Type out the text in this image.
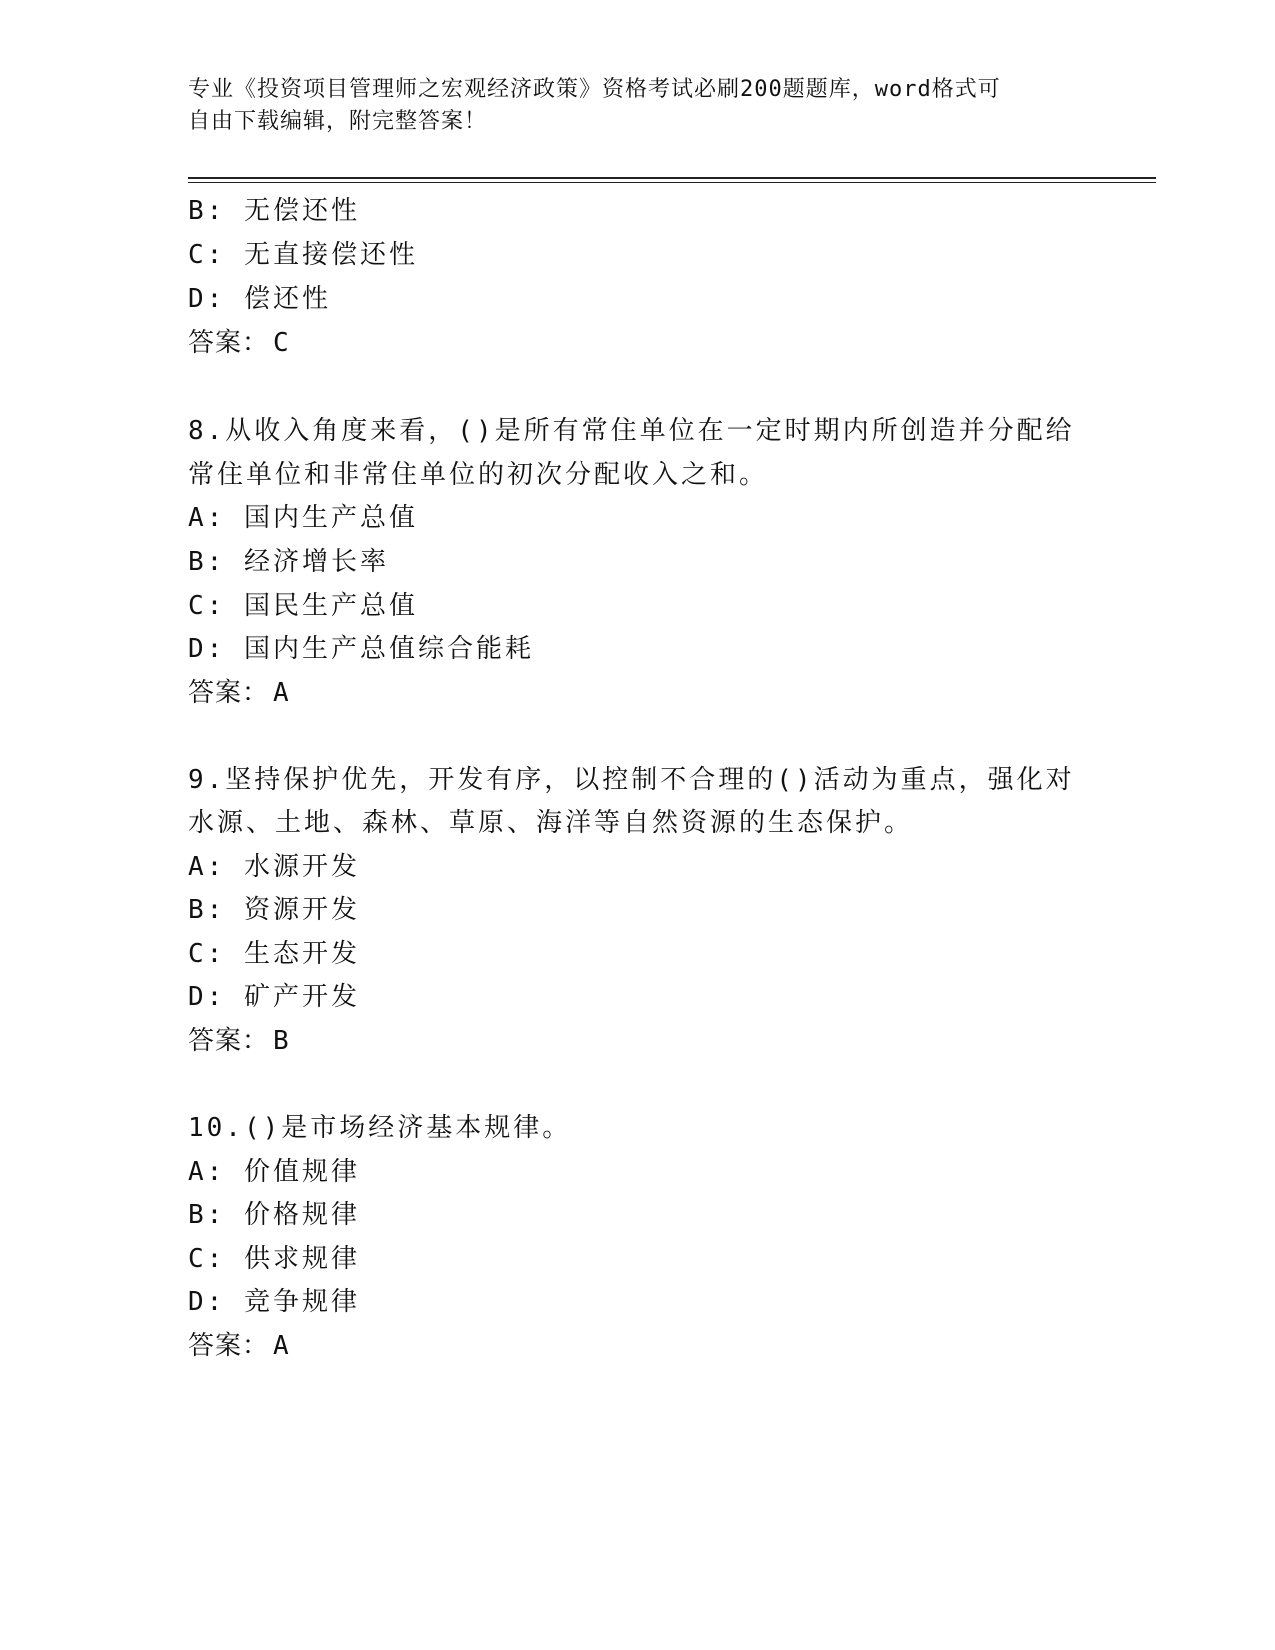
专业《投资项目管理师之宏观经济政策》资格考试必刷200题题库，word格式可
自由下载编辑，附完整答案！
B: 无偿还性
C: 无直接偿还性
D: 偿还性
答案： C
8.从收入角度来看，()是所有常住单位在一定时期内所创造并分配给
常住单位和非常住单位的初次分配收入之和。
A: 国内生产总值
B: 经济增长率
C: 国民生产总值
D: 国内生产总值综合能耗
答案： A
9.坚持保护优先，开发有序，以控制不合理的()活动为重点，强化对
水源、土地、森林、草原、海洋等自然资源的生态保护。
A: 水源开发
B: 资源开发
C: 生态开发
D: 矿产开发
答案： B
10.()是市场经济基本规律。
A: 价值规律
B: 价格规律
C: 供求规律
D: 竞争规律
答案： A
